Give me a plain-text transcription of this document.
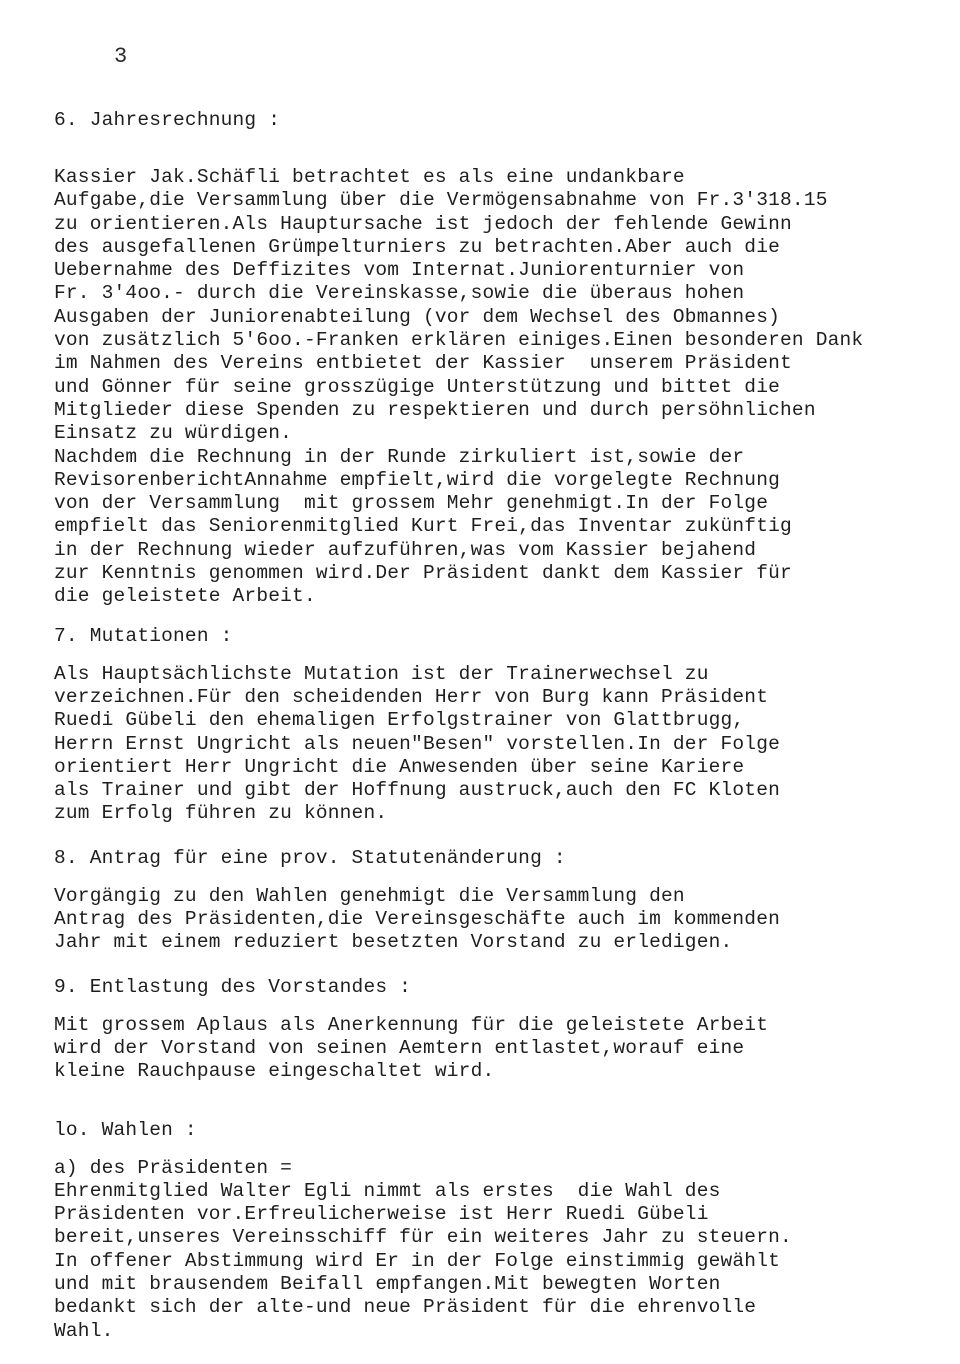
3
6. Jahresrechnung :
Kassier Jak.Schäfli betrachtet es als eine undankbare
Aufgabe,die Versammlung über die Vermögensabnahme von Fr.3'318.15
zu orientieren.Als Hauptursache ist jedoch der fehlende Gewinn
des ausgefallenen Grümpelturniers zu betrachten.Aber auch die
Uebernahme des Deffizites vom Internat.Juniorenturnier von
Fr. 3'4oo.- durch die Vereinskasse,sowie die überaus hohen
Ausgaben der Juniorenabteilung (vor dem Wechsel des Obmannes)
von zusätzlich 5'6oo.-Franken erklären einiges.Einen besonderen Dank
im Nahmen des Vereins entbietet der Kassier  unserem Präsident
und Gönner für seine grosszügige Unterstützung und bittet die
Mitglieder diese Spenden zu respektieren und durch persöhnlichen
Einsatz zu würdigen.
Nachdem die Rechnung in der Runde zirkuliert ist,sowie der
RevisorenberichtAnnahme empfielt,wird die vorgelegte Rechnung
von der Versammlung  mit grossem Mehr genehmigt.In der Folge
empfielt das Seniorenmitglied Kurt Frei,das Inventar zukünftig
in der Rechnung wieder aufzuführen,was vom Kassier bejahend
zur Kenntnis genommen wird.Der Präsident dankt dem Kassier für
die geleistete Arbeit.
7. Mutationen :
Als Hauptsächlichste Mutation ist der Trainerwechsel zu
verzeichnen.Für den scheidenden Herr von Burg kann Präsident
Ruedi Gübeli den ehemaligen Erfolgstrainer von Glattbrugg,
Herrn Ernst Ungricht als neuen"Besen" vorstellen.In der Folge
orientiert Herr Ungricht die Anwesenden über seine Kariere
als Trainer und gibt der Hoffnung austruck,auch den FC Kloten
zum Erfolg führen zu können.
8. Antrag für eine prov. Statutenänderung :
Vorgängig zu den Wahlen genehmigt die Versammlung den
Antrag des Präsidenten,die Vereinsgeschäfte auch im kommenden
Jahr mit einem reduziert besetzten Vorstand zu erledigen.
9. Entlastung des Vorstandes :
Mit grossem Aplaus als Anerkennung für die geleistete Arbeit
wird der Vorstand von seinen Aemtern entlastet,worauf eine
kleine Rauchpause eingeschaltet wird.
lo. Wahlen :
a) des Präsidenten =
Ehrenmitglied Walter Egli nimmt als erstes  die Wahl des
Präsidenten vor.Erfreulicherweise ist Herr Ruedi Gübeli
bereit,unseres Vereinsschiff für ein weiteres Jahr zu steuern.
In offener Abstimmung wird Er in der Folge einstimmig gewählt
und mit brausendem Beifall empfangen.Mit bewegten Worten
bedankt sich der alte-und neue Präsident für die ehrenvolle
Wahl.
